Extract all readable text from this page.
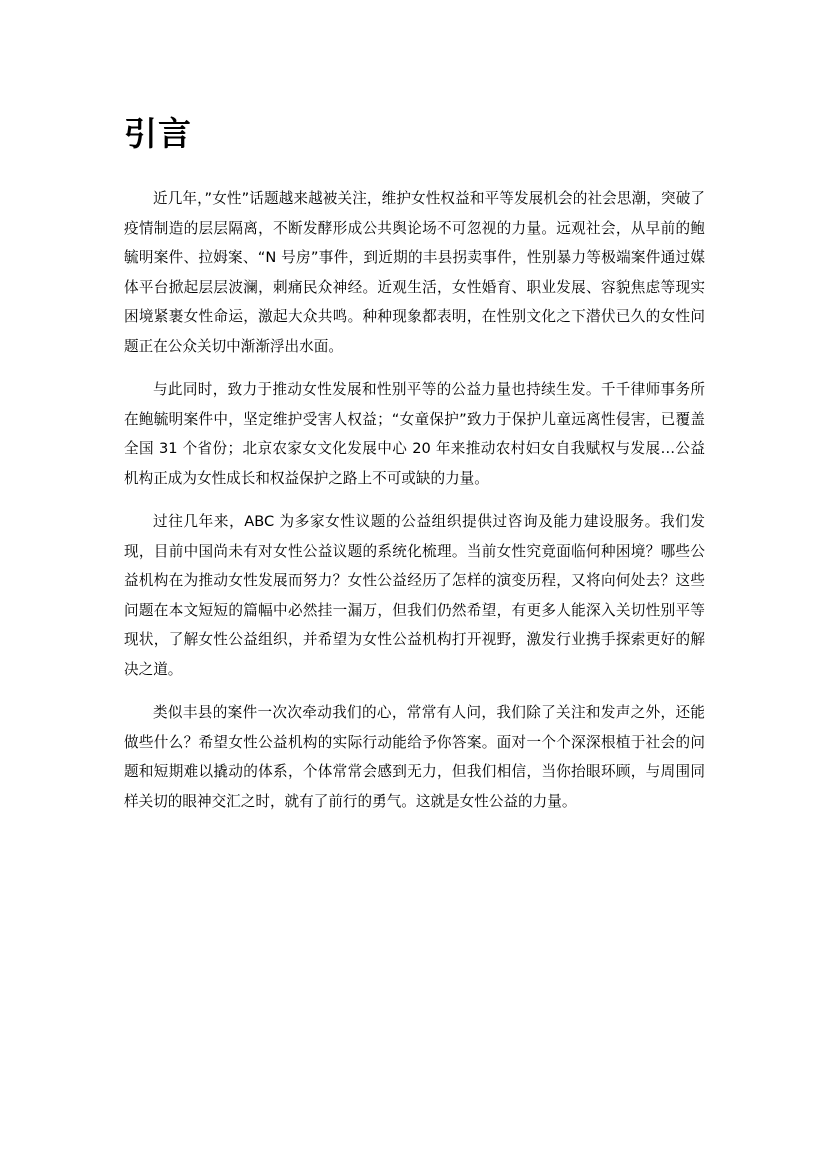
引言

近几年，”女性”话题越来越被关注，维护女性权益和平等发展机会的社会思潮，突破了疫情制造的层层隔离，不断发酵形成公共舆论场不可忽视的力量。远观社会，从早前的鲍毓明案件、拉姆案、“N 号房”事件，到近期的丰县拐卖事件，性别暴力等极端案件通过媒体平台掀起层层波澜，刺痛民众神经。近观生活，女性婚育、职业发展、容貌焦虑等现实困境紧裹女性命运，激起大众共鸣。种种现象都表明，在性别文化之下潜伏已久的女性问题正在公众关切中渐渐浮出水面。

与此同时，致力于推动女性发展和性别平等的公益力量也持续生发。千千律师事务所在鲍毓明案件中，坚定维护受害人权益；“女童保护”致力于保护儿童远离性侵害，已覆盖全国 31 个省份；北京农家女文化发展中心 20 年来推动农村妇女自我赋权与发展…公益机构正成为女性成长和权益保护之路上不可或缺的力量。

过往几年来，ABC 为多家女性议题的公益组织提供过咨询及能力建设服务。我们发现，目前中国尚未有对女性公益议题的系统化梳理。当前女性究竟面临何种困境？哪些公益机构在为推动女性发展而努力？女性公益经历了怎样的演变历程，又将向何处去？这些问题在本文短短的篇幅中必然挂一漏万，但我们仍然希望，有更多人能深入关切性别平等现状，了解女性公益组织，并希望为女性公益机构打开视野，激发行业携手探索更好的解决之道。

类似丰县的案件一次次牵动我们的心，常常有人问，我们除了关注和发声之外，还能做些什么？希望女性公益机构的实际行动能给予你答案。面对一个个深深根植于社会的问题和短期难以撬动的体系，个体常常会感到无力，但我们相信，当你抬眼环顾，与周围同样关切的眼神交汇之时，就有了前行的勇气。这就是女性公益的力量。
